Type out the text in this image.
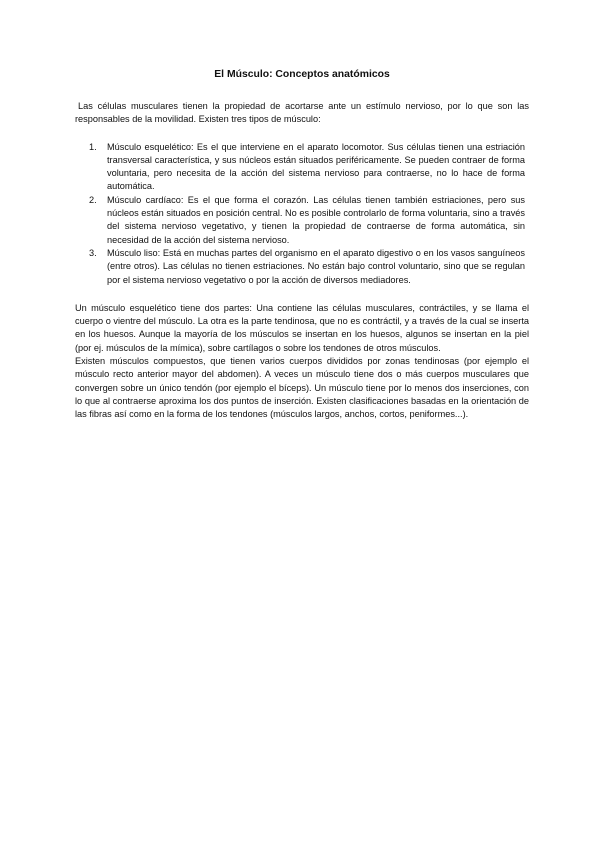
El Músculo: Conceptos anatómicos

Las células musculares tienen la propiedad de acortarse ante un estímulo nervioso, por lo que son las responsables de la movilidad. Existen tres tipos de músculo:

1. Músculo esquelético: Es el que interviene en el aparato locomotor. Sus células tienen una estriación transversal característica, y sus núcleos están situados periféricamente. Se pueden contraer de forma voluntaria, pero necesita de la acción del sistema nervioso para contraerse, no lo hace de forma automática.
2. Músculo cardíaco: Es el que forma el corazón. Las células tienen también estriaciones, pero sus núcleos están situados en posición central. No es posible controlarlo de forma voluntaria, sino a través del sistema nervioso vegetativo, y tienen la propiedad de contraerse de forma automática, sin necesidad de la acción del sistema nervioso.
3. Músculo liso: Está en muchas partes del organismo en el aparato digestivo o en los vasos sanguíneos (entre otros). Las células no tienen estriaciones. No están bajo control voluntario, sino que se regulan por el sistema nervioso vegetativo o por la acción de diversos mediadores.

Un músculo esquelético tiene dos partes: Una contiene las células musculares, contráctiles, y se llama el cuerpo o vientre del músculo. La otra es la parte tendinosa, que no es contráctil, y a través de la cual se inserta en los huesos. Aunque la mayoría de los músculos se insertan en los huesos, algunos se insertan en la piel (por ej. músculos de la mímica), sobre cartílagos o sobre los tendones de otros músculos.

Existen músculos compuestos, que tienen varios cuerpos divididos por zonas tendinosas (por ejemplo el músculo recto anterior mayor del abdomen). A veces un músculo tiene dos o más cuerpos musculares que convergen sobre un único tendón (por ejemplo el bíceps). Un músculo tiene por lo menos dos inserciones, con lo que al contraerse aproxima los dos puntos de inserción. Existen clasificaciones basadas en la orientación de las fibras así como en la forma de los tendones (músculos largos, anchos, cortos, peniformes...).
